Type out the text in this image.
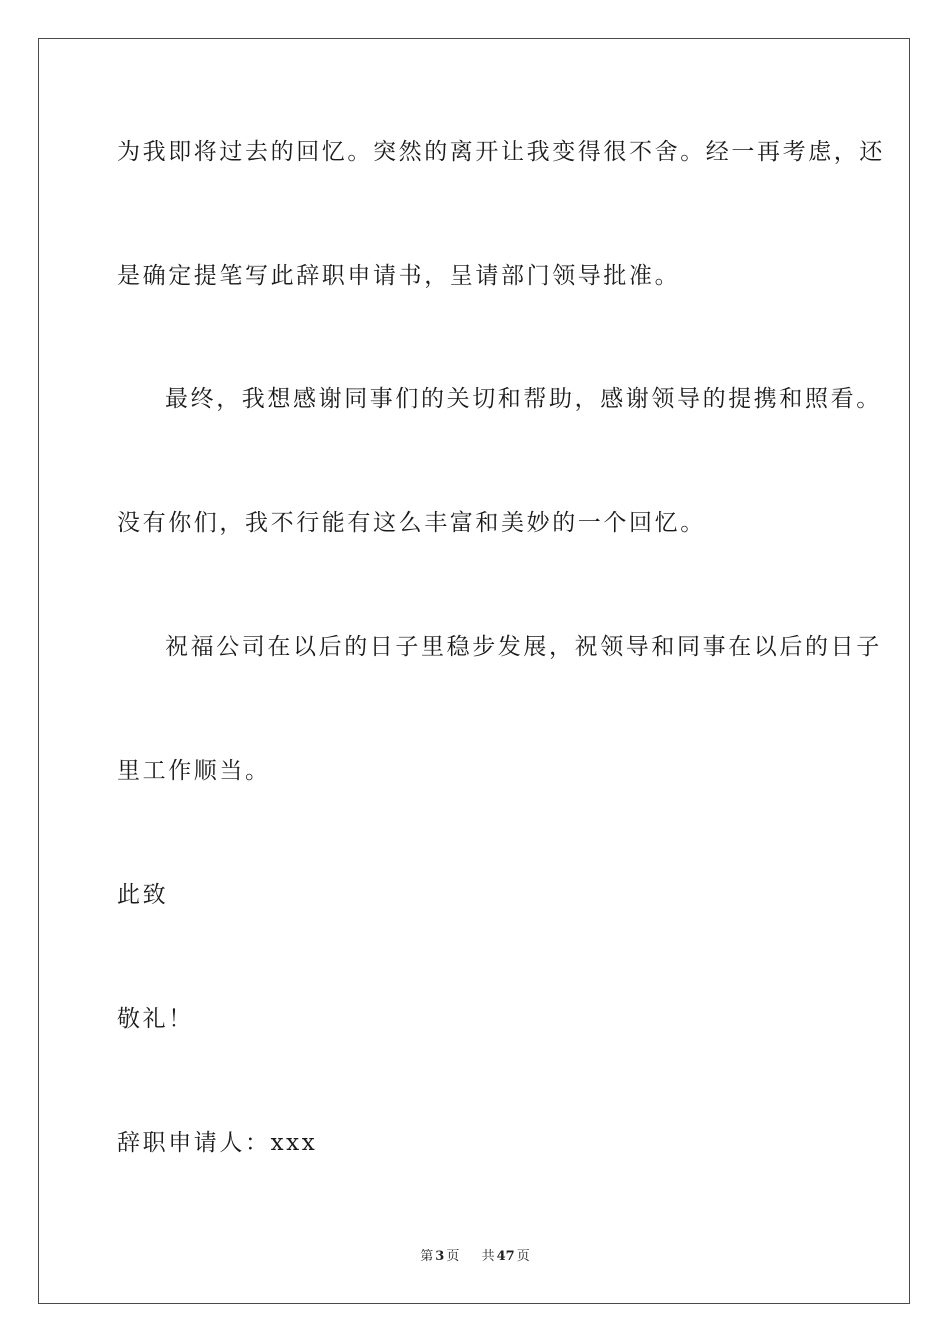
为我即将过去的回忆。突然的离开让我变得很不舍。经一再考虑，还
是确定提笔写此辞职申请书，呈请部门领导批准。
最终，我想感谢同事们的关切和帮助，感谢领导的提携和照看。
没有你们，我不行能有这么丰富和美妙的一个回忆。
祝福公司在以后的日子里稳步发展，祝领导和同事在以后的日子
里工作顺当。
此致
敬礼！
辞职申请人：xxx
第 3 页 共 47 页
